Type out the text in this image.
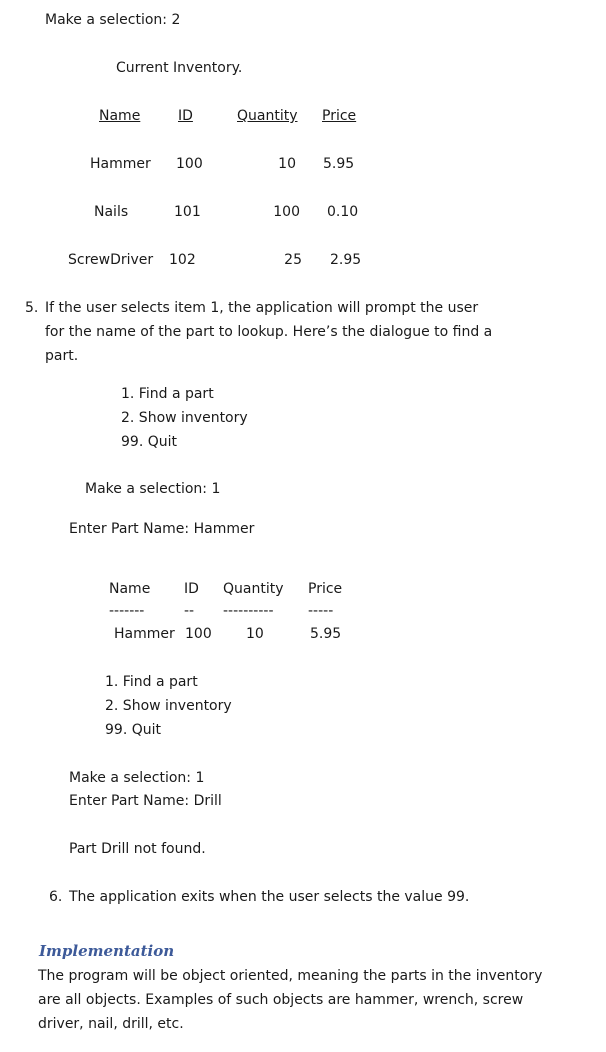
Make a selection: 2
Current Inventory.
Name	ID	Quantity Price
Hammer 100	10 5.95
Nails	101	100 0.10
ScrewDriver 102	25 2.95
5. If the user selects item 1, the application will prompt the user
for the name of the part to lookup. Here’s the dialogue to find a
part.
1. Find a part
2. Show inventory
99. Quit
Make a selection: 1
Enter Part Name: Hammer
Name ID Quantity Price
-------	-- ---------- -----
Hammer 100 10	5.95
1. Find a part
2. Show inventory
99. Quit
Make a selection: 1
Enter Part Name: Drill
Part Drill not found.
6. The application exits when the user selects the value 99.
Implementation
The program will be object oriented, meaning the parts in the inventory
are all objects. Examples of such objects are hammer, wrench, screw
driver, nail, drill, etc.
